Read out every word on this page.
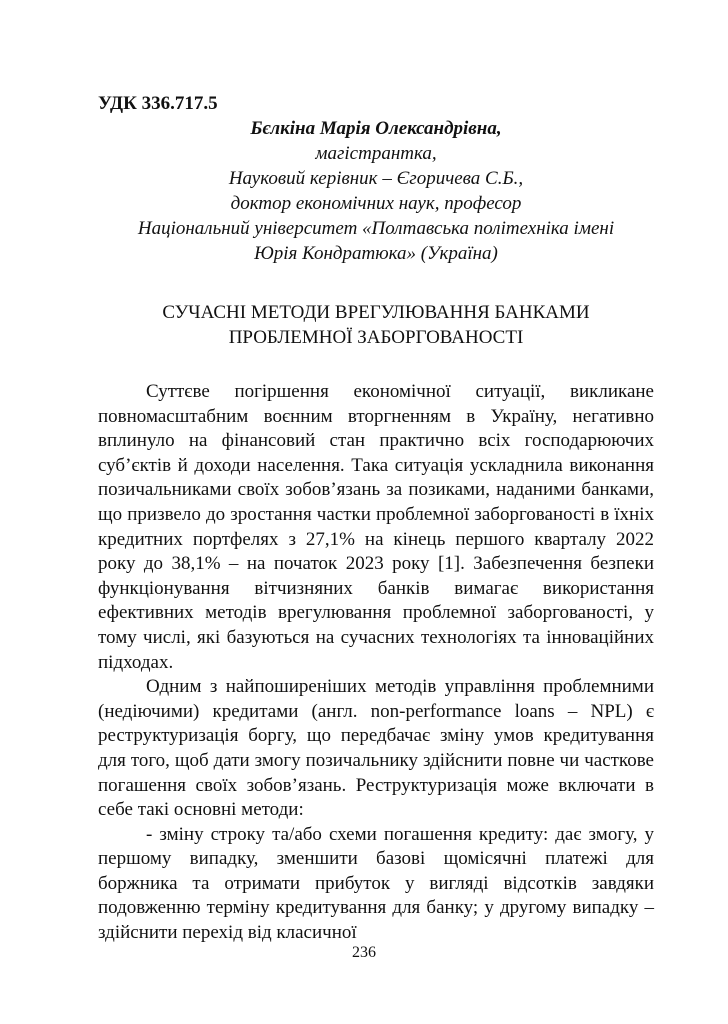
УДК 336.717.5

Бєлкіна Марія Олександрівна,
магістрантка,
Науковий керівник – Єгоричева С.Б.,
доктор економічних наук, професор
Національний університет «Полтавська політехніка імені
Юрія Кондратюка» (Україна)
СУЧАСНІ МЕТОДИ ВРЕГУЛЮВАННЯ БАНКАМИ
ПРОБЛЕМНОЇ ЗАБОРГОВАНОСТІ

Суттєве погіршення економічної ситуації, викликане повномасштабним воєнним вторгненням в Україну, негативно вплинуло на фінансовий стан практично всіх господарюючих суб’єктів й доходи населення. Така ситуація ускладнила виконання позичальниками своїх зобов’язань за позиками, наданими банками, що призвело до зростання частки проблемної заборгованості в їхніх кредитних портфелях з 27,1% на кінець першого кварталу 2022 року до 38,1% – на початок 2023 року [1]. Забезпечення безпеки функціонування вітчизняних банків вимагає використання ефективних методів врегулювання проблемної заборгованості, у тому числі, які базуються на сучасних технологіях та інноваційних підходах.

Одним з найпоширеніших методів управління проблемними (недіючими) кредитами (англ. non-performance loans – NPL) є реструктуризація боргу, що передбачає зміну умов кредитування для того, щоб дати змогу позичальнику здійснити повне чи часткове погашення своїх зобов’язань. Реструктуризація може включати в себе такі основні методи:

- зміну строку та/або схеми погашення кредиту: дає змогу, у першому випадку, зменшити базові щомісячні платежі для боржника та отримати прибуток у вигляді відсотків завдяки подовженню терміну кредитування для банку; у другому випадку – здійснити перехід від класичної

236
